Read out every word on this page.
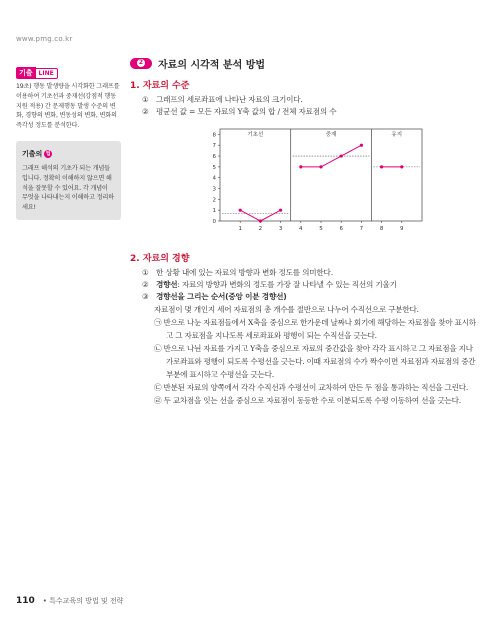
www.pmg.co.kr
기출	LINE

19초) 행동 발생량을 시각화한 그래프를 이용하여 기초선과 중재선(강점적 행동지원 적용) 간 문제행동 발생 수준의 변화, 경향의 변화, 변동성의 변화, 변화의 즉각성 정도를 분석한다.

기출의 팁

그래프 해석의 기초가 되는 개념들입니다. 정확히 이해하지 않으면 해석을 잘못할 수 있어요. 각 개념이 무엇을 나타내는지 이해하고 정리하세요!

2 자료의 시각적 분석 방법
1. 자료의 수준
① 그래프의 세로좌표에 나타난 자료의 크기이다.
② 평균선 값 = 모든 자료의 Y축 값의 합 / 전체 자료점의 수
0
1
2
3
4
5
6
7
8
1	2	3	4	5	6	7	8	9
기초선	중재	유지
2. 자료의 경향
① 한 상황 내에 있는 자료의 방향과 변화 정도를 의미한다.
② 경향선: 자료의 방향과 변화의 정도를 가장 잘 나타낼 수 있는 직선의 기울기
③ 경향선을 그리는 순서(중앙 이분 경향선)

자료점이 몇 개인지 세어 자료점의 총 개수를 절반으로 나누어 수직선으로 구분한다.

㉠ 반으로 나눈 자료점들에서 X축을 중심으로 한가운데 날짜나 회기에 해당하는 자료점을 찾아 표시하고 그 자료점을 지나도록 세로좌표와 평행이 되는 수직선을 긋는다.

㉡ 반으로 나뉜 자료를 가지고 Y축을 중심으로 자료의 중간값을 찾아 각각 표시하고 그 자료점을 지나 가로좌표와 평행이 되도록 수평선을 긋는다. 이때 자료점의 수가 짝수이면 자료점과 자료점의 중간부분에 표시하고 수평선을 긋는다.

㉢ 반분된 자료의 양쪽에서 각각 수직선과 수평선이 교차하여 만든 두 점을 통과하는 직선을 그린다.

㉣ 두 교차점을 잇는 선을 중심으로 자료점이 동등한 수로 이분되도록 수평 이동하여 선을 긋는다.

110 • 특수교육의 방법 및 전략
